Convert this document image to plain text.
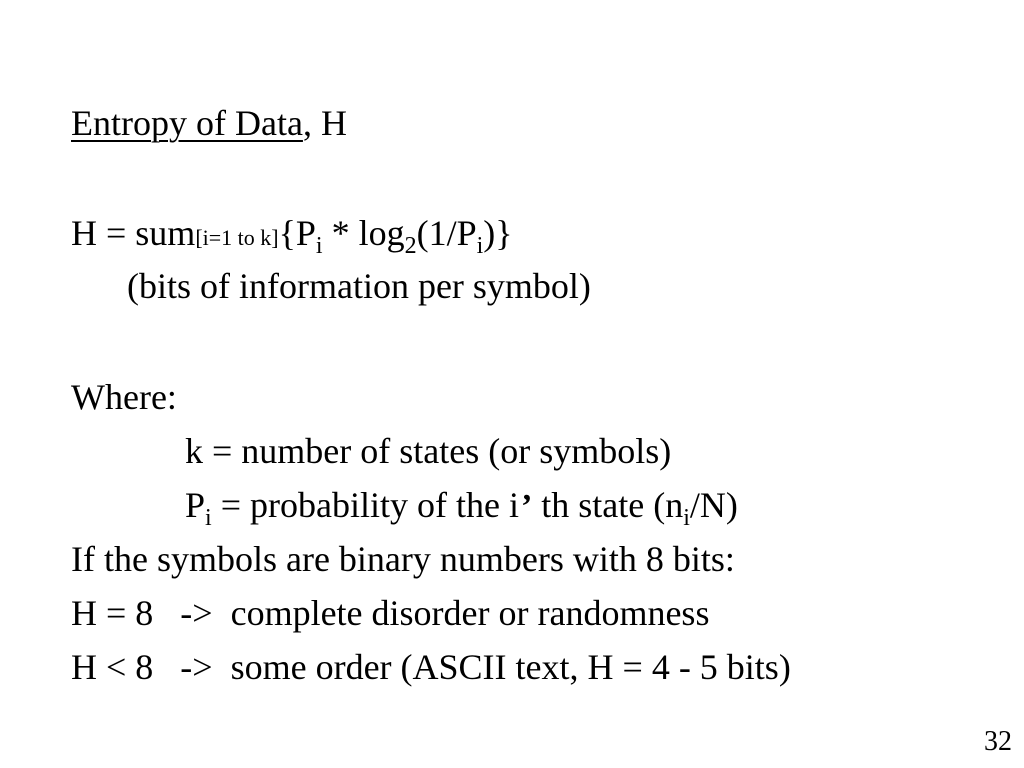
Entropy of Data, H
H = sum[i=1 to $k]\{P_i * \log_2(1/P_i)\}$
(bits of information per symbol)
Where:
k = number of states (or symbols)
$P_i$ = probability of the i’ th state $(n_i/N)$
If the symbols are binary numbers with 8 bits:
H = 8   ->  complete disorder or randomness
H < 8   ->  some order (ASCII text, H = 4 - 5 bits)
32
